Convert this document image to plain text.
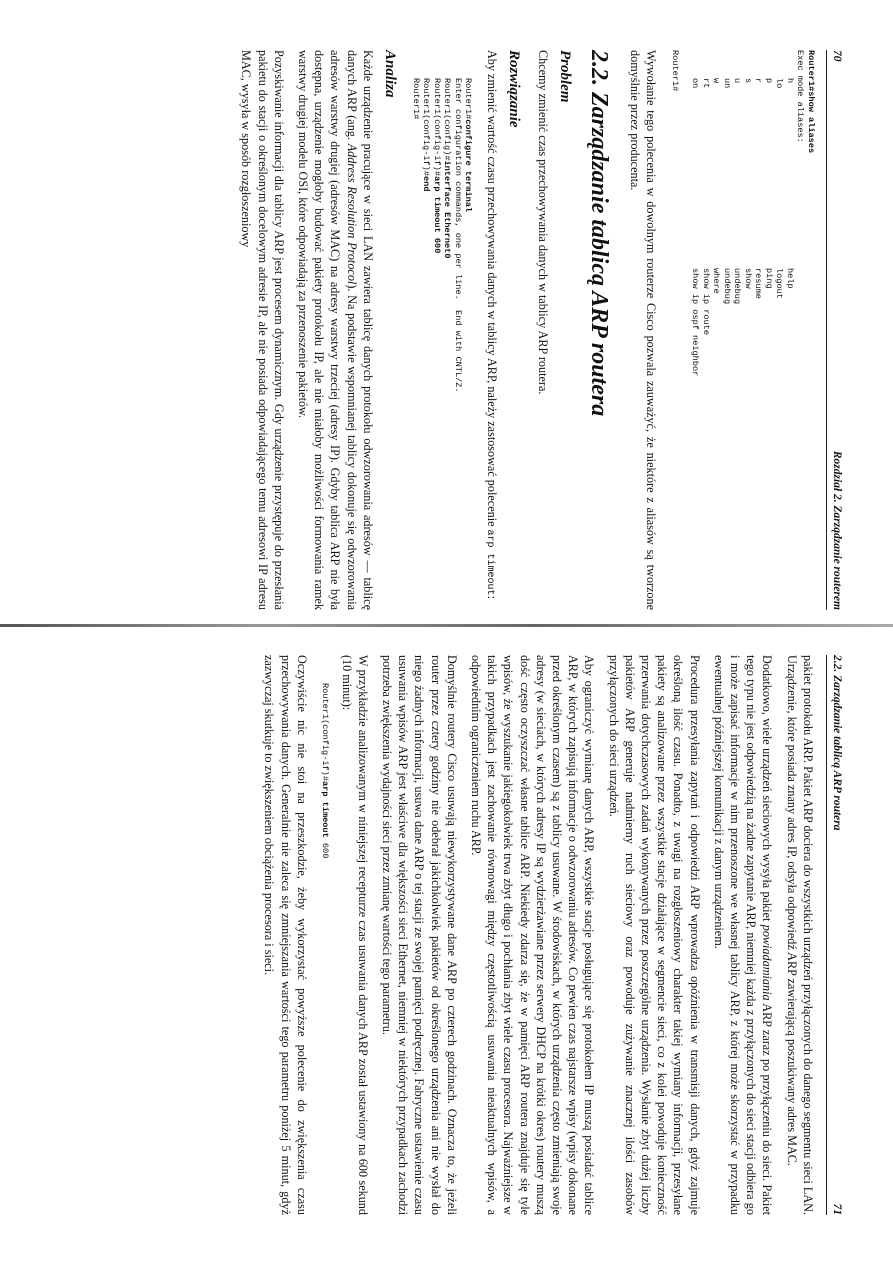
70
Rozdział 2. Zarządzanie routerem
Router1#show aliases
Exec mode aliases:
h
lo
p
r
s
u
un
w
rt
on
help
logout
ping
resume
show
undebug
undebug
where
show ip route
show ip ospf neighbor
Router1#

Wywołanie tego polecenia w dowolnym routerze Cisco pozwala zauważyć, że niektóre z aliasów są tworzone domyślnie przez producenta.

2.2. Zarządzanie tablicą ARP routera
Problem

Chcemy zmienić czas przechowywania danych w tablicy ARP routera.

Rozwiązanie

Aby zmienić wartość czasu przechowywania danych w tablicy ARP, należy zastosować polecenie arp timeout:

Router1#configure terminal
Enter configuration commands, one per line.  End with CNTL/Z.
Router1(config)#interface Ethernet0
Router1(config-if)#arp timeout 600
Router1(config-if)#end
Router1#
Analiza

Każde urządzenie pracujące w sieci LAN zawiera tablicę danych protokołu odwzorowania adresów — tablicę danych ARP (ang. Address Resolution Protocol). Na podstawie wspomnianej tablicy dokonuje się odwzorowania adresów warstwy drugiej (adresów MAC) na adresy warstwy trzeciej (adresy IP). Gdyby tablica ARP nie była dostępna, urządzenie mogłoby budować pakiety protokołu IP, ale nie miałoby możliwości formowania ramek warstwy drugiej modelu OSI, które odpowiadają za przenoszenie pakietów.

Pozyskiwanie informacji dla tablicy ARP jest procesem dynamicznym. Gdy urządzenie przystępuje do przesłania pakietu do stacji o określonym docelowym adresie IP, ale nie posiada odpowiadającego temu adresowi IP adresu MAC, wysyła w sposób rozgłoszeniowy

2.2. Zarządzanie tablicą ARP routera
71

pakiet protokołu ARP. Pakiet ARP dociera do wszystkich urządzeń przyłączonych do danego segmentu sieci LAN. Urządzenie, które posiada znany adres IP, odsyła odpowiedź ARP zawierającą poszukiwany adres MAC.

Dodatkowo, wiele urządzeń sieciowych wysyła pakiet powiadamiania ARP zaraz po przyłączeniu do sieci. Pakiet tego typu nie jest odpowiedzią na żadne zapytanie ARP, niemniej każda z przyłączonych do sieci stacji odbiera go i może zapisać informacje w nim przenoszone we własnej tablicy ARP, z której może skorzystać w przypadku ewentualnej późniejszej komunikacji z danym urządzeniem.

Procedura przesyłania zapytań i odpowiedzi ARP wprowadza opóźnienia w transmisji danych, gdyż zajmuje określoną ilość czasu. Ponadto, z uwagi na rozgłoszeniowy charakter takiej wymiany informacji, przesyłane pakiety są analizowane przez wszystkie stacje działające w segmencie sieci, co z kolei powoduje konieczność przerwania dotychczasowych zadań wykonywanych przez poszczególne urządzenia. Wysłanie zbyt dużej liczby pakietów ARP generuje nadmierny ruch sieciowy oraz powoduje zużywanie znacznej ilości zasobów przyłączonych do sieci urządzeń.

Aby ograniczyć wymianę danych ARP, wszystkie stacje posługujące się protokołem IP muszą posiadać tablice ARP, w których zapisują informacje o odwzorowaniu adresów. Co pewien czas najstarsze wpisy (wpisy dokonane przed określonym czasem) są z tablicy usuwane. W środowiskach, w których urządzenia często zmieniają swoje adresy (w sieciach, w których adresy IP są wydzierżawiane przez serwery DHCP na krótki okres) routery muszą dość często oczyszczać własne tablice ARP. Niekiedy zdarza się, że w pamięci ARP routera znajduje się tyle wpisów, że wyszukanie jakiegokolwiek trwa zbyt długo i pochłania zbyt wiele czasu procesora. Najważniejsze w takich przypadkach jest zachowanie równowagi między częstotliwością usuwania nieaktualnych wpisów, a odpowiednim ograniczeniem ruchu ARP.

Domyślnie routery Cisco usuwają niewykorzystywane dane ARP po czterech godzinach. Oznacza to, że jeżeli router przez cztery godziny nie odebrał jakichkolwiek pakietów od określonego urządzenia ani nie wysłał do niego żadnych informacji, usuwa dane ARP o tej stacji ze swojej pamięci podręcznej. Fabryczne ustawienie czasu usuwania wpisów ARP jest właściwe dla większości sieci Ethernet, niemniej w niektórych przypadkach zachodzi potrzeba zwiększenia wydajności sieci przez zmianę wartości tego parametru.

W przykładzie analizowanym w niniejszej recepturze czas usuwania danych ARP został ustawiony na 600 sekund (10 minut):

Router1(config-if)#arp timeout 600

Oczywiście nic nie stoi na przeszkodzie, żeby wykorzystać powyższe polecenie do zwiększenia czasu przechowywania danych. Generalnie nie zaleca się zmniejszania wartości tego parametru poniżej 5 minut, gdyż zazwyczaj skutkuje to zwiększeniem obciążenia procesora i sieci.
